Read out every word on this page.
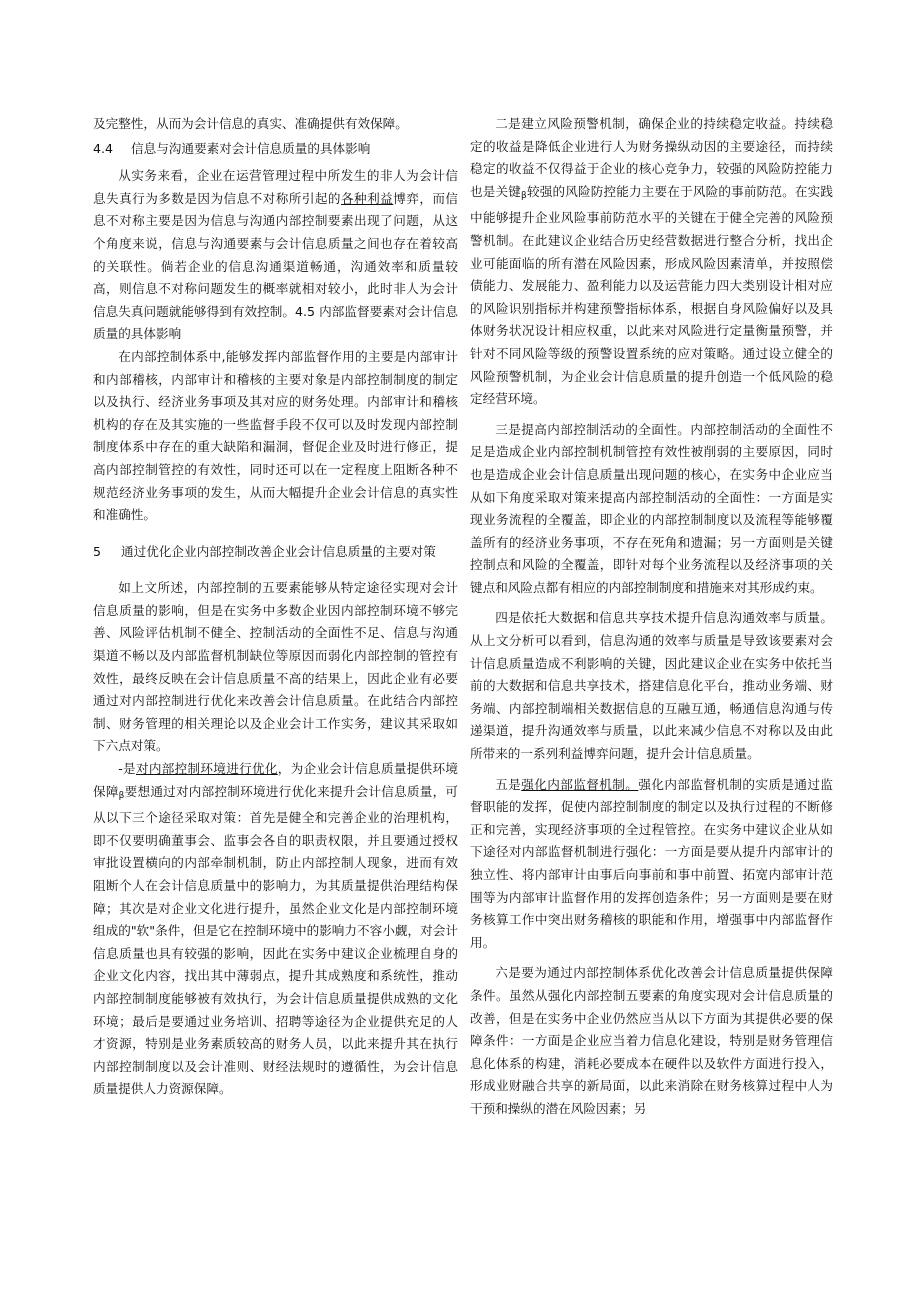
及完整性，从而为会计信息的真实、准确提供有效保障。

4.4 信息与沟通要素对会计信息质量的具体影响

从实务来看，企业在运营管理过程中所发生的非人为会计信息失真行为多数是因为信息不对称所引起的各种利益博弈，而信息不对称主要是因为信息与沟通内部控制要素出现了问题，从这个角度来说，信息与沟通要素与会计信息质量之间也存在着较高的关联性。倘若企业的信息沟通渠道畅通，沟通效率和质量较高，则信息不对称问题发生的概率就相对较小，此时非人为会计信息失真问题就能够得到有效控制。4.5 内部监督要素对会计信息质量的具体影响

在内部控制体系中,能够发挥内部监督作用的主要是内部审计和内部稽核，内部审计和稽核的主要对象是内部控制制度的制定以及执行、经济业务事项及其对应的财务处理。内部审计和稽核机构的存在及其实施的一些监督手段不仅可以及时发现内部控制制度体系中存在的重大缺陷和漏洞，督促企业及时进行修正，提高内部控制管控的有效性，同时还可以在一定程度上阻断各种不规范经济业务事项的发生，从而大幅提升企业会计信息的真实性和准确性。

5 通过优化企业内部控制改善企业会计信息质量的主要对策

如上文所述，内部控制的五要素能够从特定途径实现对会计信息质量的影响，但是在实务中多数企业因内部控制环境不够完善、风险评估机制不健全、控制活动的全面性不足、信息与沟通渠道不畅以及内部监督机制缺位等原因而弱化内部控制的管控有效性，最终反映在会计信息质量不高的结果上，因此企业有必要通过对内部控制进行优化来改善会计信息质量。在此结合内部控制、财务管理的相关理论以及企业会计工作实务，建议其采取如下六点对策。

-是对内部控制环境进行优化，为企业会计信息质量提供环境保障$_\beta$要想通过对内部控制环境进行优化来提升会计信息质量，可从以下三个途径采取对策：首先是健全和完善企业的治理机构，即不仅要明确董事会、监事会各自的职责权限，并且要通过授权审批设置横向的内部牵制机制，防止内部控制人现象，进而有效阻断个人在会计信息质量中的影响力，为其质量提供治理结构保障；其次是对企业文化进行提升，虽然企业文化是内部控制环境组成的"软"条件，但是它在控制环境中的影响力不容小觑，对会计信息质量也具有较强的影响，因此在实务中建议企业梳理自身的企业文化内容，找出其中薄弱点，提升其成熟度和系统性，推动内部控制制度能够被有效执行，为会计信息质量提供成熟的文化环境；最后是要通过业务培训、招聘等途径为企业提供充足的人才资源，特别是业务素质较高的财务人员，以此来提升其在执行内部控制制度以及会计准则、财经法规时的遵循性，为会计信息质量提供人力资源保障。

二是建立风险预警机制，确保企业的持续稳定收益。持续稳定的收益是降低企业进行人为财务操纵动因的主要途径，而持续稳定的收益不仅得益于企业的核心竞争力，较强的风险防控能力也是关键$_\beta$较强的风险防控能力主要在于风险的事前防范。在实践中能够提升企业风险事前防范水平的关键在于健全完善的风险预警机制。在此建议企业结合历史经营数据进行整合分析，找出企业可能面临的所有潜在风险因素，形成风险因素清单，并按照偿债能力、发展能力、盈利能力以及运营能力四大类别设计相对应的风险识别指标并构建预警指标体系，根据自身风险偏好以及具体财务状况设计相应权重，以此来对风险进行定量衡量预警，并针对不同风险等级的预警设置系统的应对策略。通过设立健全的风险预警机制，为企业会计信息质量的提升创造一个低风险的稳定经营环境。

三是提高内部控制活动的全面性。内部控制活动的全面性不足是造成企业内部控制机制管控有效性被削弱的主要原因，同时也是造成企业会计信息质量出现问题的核心，在实务中企业应当从如下角度采取对策来提高内部控制活动的全面性：一方面是实现业务流程的全覆盖，即企业的内部控制制度以及流程等能够覆盖所有的经济业务事项，不存在死角和遗漏；另一方面则是关键控制点和风险的全覆盖，即针对每个业务流程以及经济事项的关键点和风险点都有相应的内部控制制度和措施来对其形成约束。

四是依托大数据和信息共享技术提升信息沟通效率与质量。从上文分析可以看到，信息沟通的效率与质量是导致该要素对会计信息质量造成不利影响的关键，因此建议企业在实务中依托当前的大数据和信息共享技术，搭建信息化平台，推动业务端、财务端、内部控制端相关数据信息的互融互通，畅通信息沟通与传递渠道，提升沟通效率与质量，以此来减少信息不对称以及由此所带来的一系列利益博弈问题，提升会计信息质量。

五是强化内部监督机制。强化内部监督机制的实质是通过监督职能的发挥，促使内部控制制度的制定以及执行过程的不断修正和完善，实现经济事项的全过程管控。在实务中建议企业从如下途径对内部监督机制进行强化：一方面是要从提升内部审计的独立性、将内部审计由事后向事前和事中前置、拓宽内部审计范围等为内部审计监督作用的发挥创造条件；另一方面则是要在财务核算工作中突出财务稽核的职能和作用，增强事中内部监督作用。

六是要为通过内部控制体系优化改善会计信息质量提供保障条件。虽然从强化内部控制五要素的角度实现对会计信息质量的改善，但是在实务中企业仍然应当从以下方面为其提供必要的保障条件：一方面是企业应当着力信息化建设，特别是财务管理信息化体系的构建，消耗必要成本在硬件以及软件方面进行投入，形成业财融合共享的新局面，以此来消除在财务核算过程中人为干预和操纵的潜在风险因素；另
